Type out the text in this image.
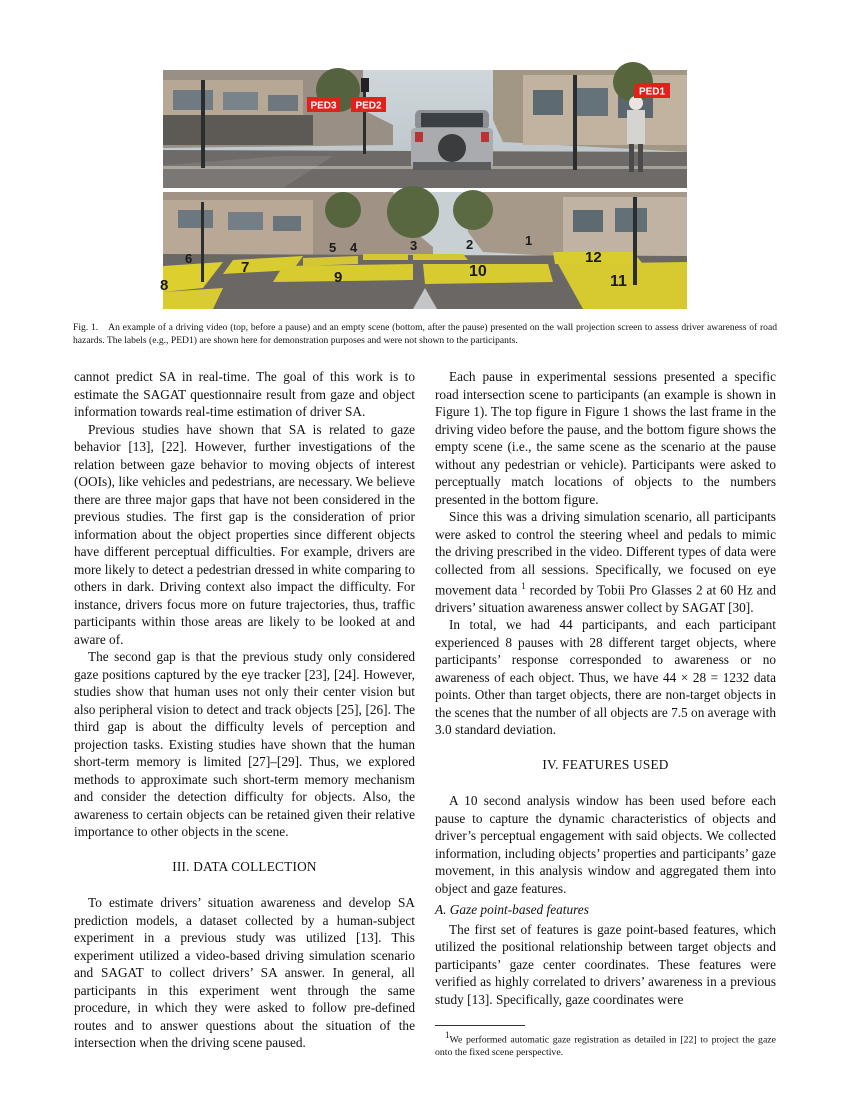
PED3 PED2
PED1
1
2
3
4
5
6
7
8	9	10
11
12
Fig. 1. An example of a driving video (top, before a pause) and an empty scene (bottom, after the pause) presented on the wall projection screen to assess driver awareness of road hazards. The labels (e.g., PED1) are shown here for demonstration purposes and were not shown to the participants.

cannot predict SA in real-time. The goal of this work is to estimate the SAGAT questionnaire result from gaze and object information towards real-time estimation of driver SA.

Previous studies have shown that SA is related to gaze behavior [13], [22]. However, further investigations of the relation between gaze behavior to moving objects of interest (OOIs), like vehicles and pedestrians, are necessary. We believe there are three major gaps that have not been considered in the previous studies. The first gap is the consideration of prior information about the object properties since different objects have different perceptual difficulties. For example, drivers are more likely to detect a pedestrian dressed in white comparing to others in dark. Driving context also impact the difficulty. For instance, drivers focus more on future trajectories, thus, traffic participants within those areas are likely to be looked at and aware of.

The second gap is that the previous study only considered gaze positions captured by the eye tracker [23], [24]. However, studies show that human uses not only their center vision but also peripheral vision to detect and track objects [25], [26]. The third gap is about the difficulty levels of perception and projection tasks. Existing studies have shown that the human short-term memory is limited [27]–[29]. Thus, we explored methods to approximate such short-term memory mechanism and consider the detection difficulty for objects. Also, the awareness to certain objects can be retained given their relative importance to other objects in the scene.

III. DATA COLLECTION

To estimate drivers’ situation awareness and develop SA prediction models, a dataset collected by a human-subject experiment in a previous study was utilized [13]. This experiment utilized a video-based driving simulation scenario and SAGAT to collect drivers’ SA answer. In general, all participants in this experiment went through the same procedure, in which they were asked to follow pre-defined routes and to answer questions about the situation of the intersection when the driving scene paused.

Each pause in experimental sessions presented a specific road intersection scene to participants (an example is shown in Figure 1). The top figure in Figure 1 shows the last frame in the driving video before the pause, and the bottom figure shows the empty scene (i.e., the same scene as the scenario at the pause without any pedestrian or vehicle). Participants were asked to perceptually match locations of objects to the numbers presented in the bottom figure.

Since this was a driving simulation scenario, all participants were asked to control the steering wheel and pedals to mimic the driving prescribed in the video. Different types of data were collected from all sessions. Specifically, we focused on eye movement data $^1$ recorded by Tobii Pro Glasses 2 at 60 Hz and drivers’ situation awareness answer collect by SAGAT [30].

In total, we had 44 participants, and each participant experienced 8 pauses with 28 different target objects, where participants’ response corresponded to awareness or no awareness of each object. Thus, we have 44 × 28 = 1232 data points. Other than target objects, there are non-target objects in the scenes that the number of all objects are 7.5 on average with 3.0 standard deviation.

IV. FEATURES USED

A 10 second analysis window has been used before each pause to capture the dynamic characteristics of objects and driver’s perceptual engagement with said objects. We collected information, including objects’ properties and participants’ gaze movement, in this analysis window and aggregated them into object and gaze features.

A. Gaze point-based features

The first set of features is gaze point-based features, which utilized the positional relationship between target objects and participants’ gaze center coordinates. These features were verified as highly correlated to drivers’ awareness in a previous study [13]. Specifically, gaze coordinates were

$^1$We performed automatic gaze registration as detailed in [22] to project the gaze onto the fixed scene perspective.
